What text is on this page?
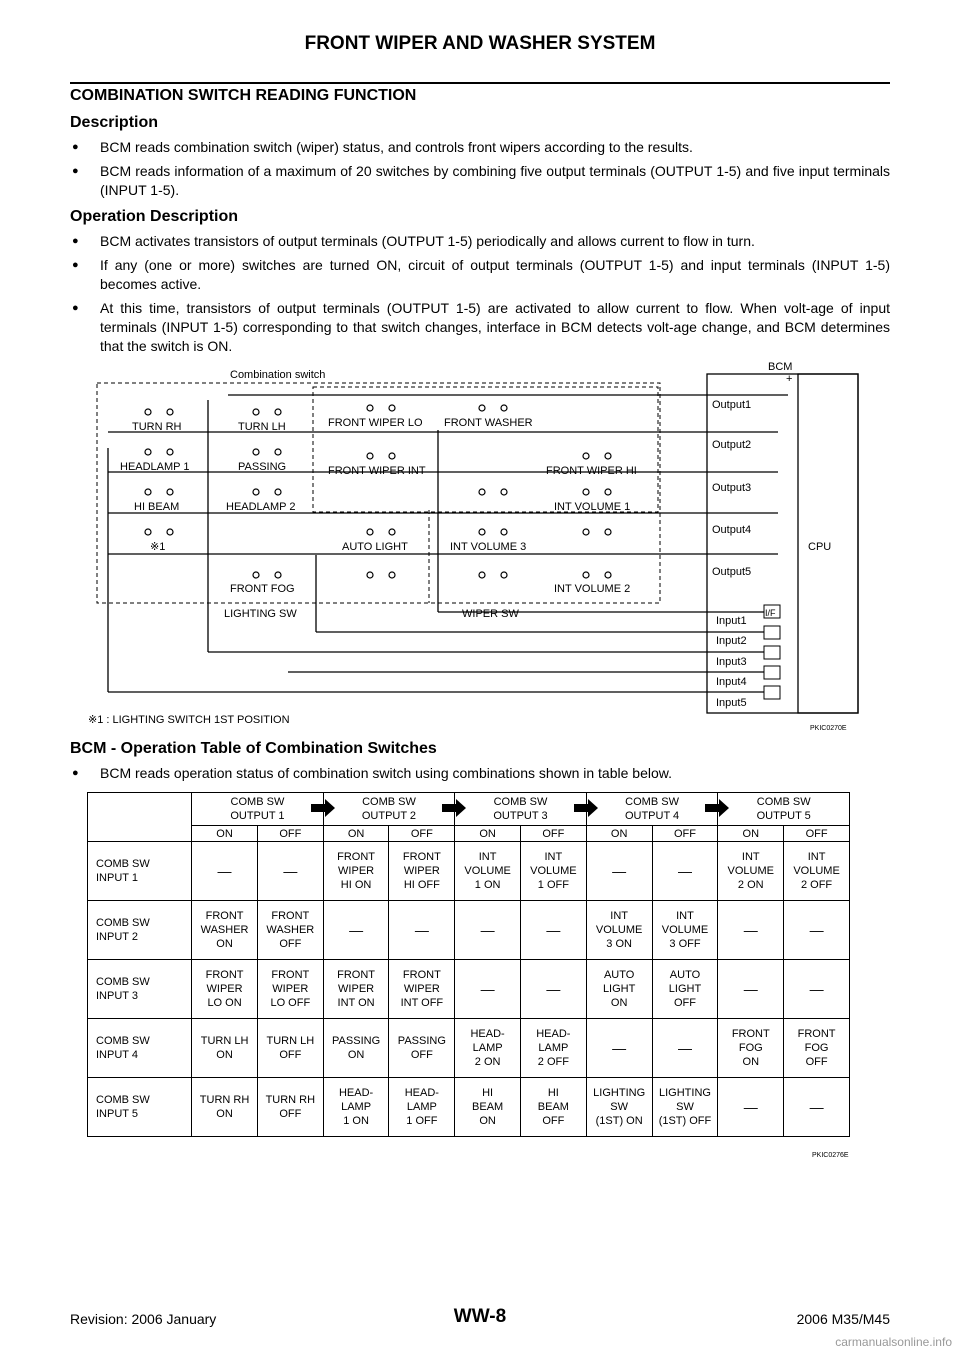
FRONT WIPER AND WASHER SYSTEM
COMBINATION SWITCH READING FUNCTION
Description
● BCM reads combination switch (wiper) status, and controls front wipers according to the results.
● BCM reads information of a maximum of 20 switches by combining five output terminals (OUTPUT 1-5) and five input terminals (INPUT 1-5).
Operation Description
● BCM activates transistors of output terminals (OUTPUT 1-5) periodically and allows current to flow in turn.
● If any (one or more) switches are turned ON, circuit of output terminals (OUTPUT 1-5) and input terminals (INPUT 1-5) becomes active.
● At this time, transistors of output terminals (OUTPUT 1-5) are activated to allow current to flow. When volt-age of input terminals (INPUT 1-5) corresponding to that switch changes, interface in BCM detects volt-age change, and BCM determines that the switch is ON.
BCM
CPU
Combination switch
TURN RH	TURN LH
HEADLAMP 1	PASSING
HI BEAM	HEADLAMP 2
※1
FRONT FOG
FRONT WIPER LO FRONT WASHER
FRONT WIPER INT	FRONT WIPER HI
INT VOLUME 1
AUTO LIGHT	INT VOLUME 3
INT VOLUME 2
LIGHTING SW	WIPER SW
Output1
Output2
Output3
Output4
Output5
Input1
Input2
Input3
Input4
Input5
I/F
+
※1 : LIGHTING SWITCH 1ST POSITION
PKIC0270E
BCM - Operation Table of Combination Switches
● BCM reads operation status of combination switch using combinations shown in table below.
	COMB SW
OUTPUT 1		COMB SW
OUTPUT 2		COMB SW
OUTPUT 3		COMB SW
OUTPUT 4		COMB SW
OUTPUT 5	
	ON	OFF	ON	OFF	ON	OFF	ON	OFF	ON	OFF
COMB SW
INPUT 1	—	—	FRONT
WIPER
HI ON	FRONT
WIPER
HI OFF	INT
VOLUME
1 ON	INT
VOLUME
1 OFF	—	—	INT
VOLUME
2 ON	INT
VOLUME
2 OFF
COMB SW
INPUT 2	FRONT
WASHER
ON	FRONT
WASHER
OFF	—	—	—	—	INT
VOLUME
3 ON	INT
VOLUME
3 OFF	—	—
COMB SW
INPUT 3	FRONT
WIPER
LO ON	FRONT
WIPER
LO OFF	FRONT
WIPER
INT ON	FRONT
WIPER
INT OFF	—	—	AUTO
LIGHT
ON	AUTO
LIGHT
OFF	—	—
COMB SW
INPUT 4	TURN LH
ON	TURN LH
OFF	PASSING
ON	PASSING
OFF	HEAD-
LAMP
2 ON	HEAD-
LAMP
2 OFF	—	—	FRONT
FOG
ON	FRONT
FOG
OFF
COMB SW
INPUT 5	TURN RH
ON	TURN RH
OFF	HEAD-
LAMP
1 ON	HEAD-
LAMP
1 OFF	HI
BEAM
ON	HI
BEAM
OFF	LIGHTING
SW
(1ST) ON	LIGHTING
SW
(1ST) OFF	—	—
PKIC0276E
Revision: 2006 January	WW-8	2006 M35/M45
carmanualsonline.info
